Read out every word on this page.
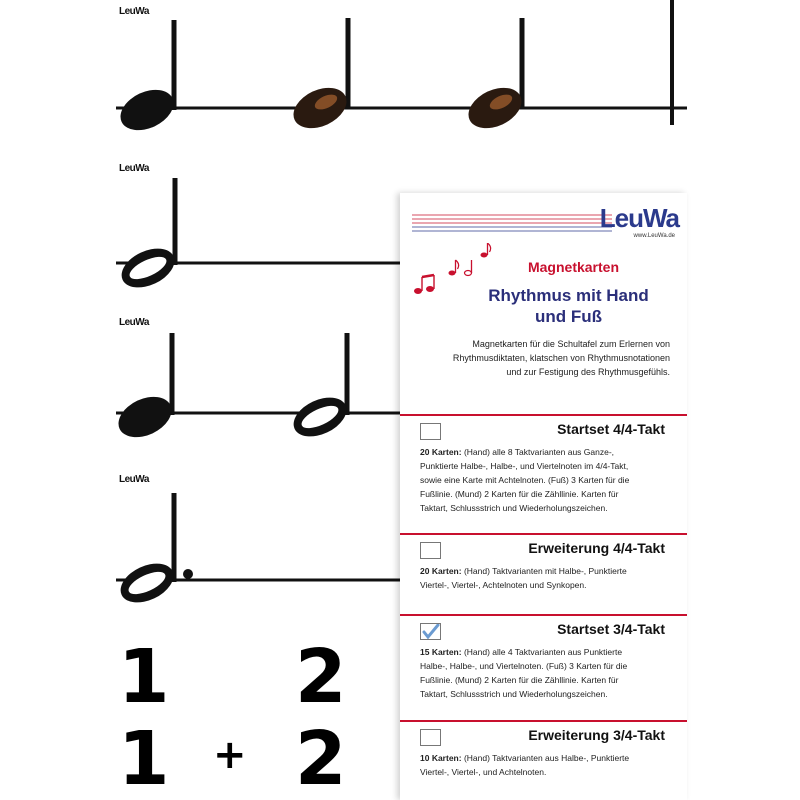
LeuWa
LeuWa
LeuWa
LeuWa
1 2
1 + 2
LeuWa
www.LeuWa.de
Magnetkarten
Rhythmus mit Hand
und Fuß
Magnetkarten für die Schultafel zum Erlernen von
Rhythmusdiktaten, klatschen von Rhythmusnotationen
und zur Festigung des Rhythmusgefühls.
Startset 4/4-Takt
20 Karten: (Hand) alle 8 Taktvarianten aus Ganze-,
Punktierte Halbe-, Halbe-, und Viertelnoten im 4/4-Takt,
sowie eine Karte mit Achtelnoten. (Fuß) 3 Karten für die
Fußlinie. (Mund) 2 Karten für die Zähllinie. Karten für
Taktart, Schlussstrich und Wiederholungszeichen.
Erweiterung 4/4-Takt
20 Karten: (Hand) Taktvarianten mit Halbe-, Punktierte
Viertel-, Viertel-, Achtelnoten und Synkopen.
Startset 3/4-Takt
15 Karten: (Hand) alle 4 Taktvarianten aus Punktierte
Halbe-, Halbe-, und Viertelnoten. (Fuß) 3 Karten für die
Fußlinie. (Mund) 2 Karten für die Zähllinie. Karten für
Taktart, Schlussstrich und Wiederholungszeichen.
Erweiterung 3/4-Takt
10 Karten: (Hand) Taktvarianten aus Halbe-, Punktierte
Viertel-, Viertel-, und Achtelnoten.
